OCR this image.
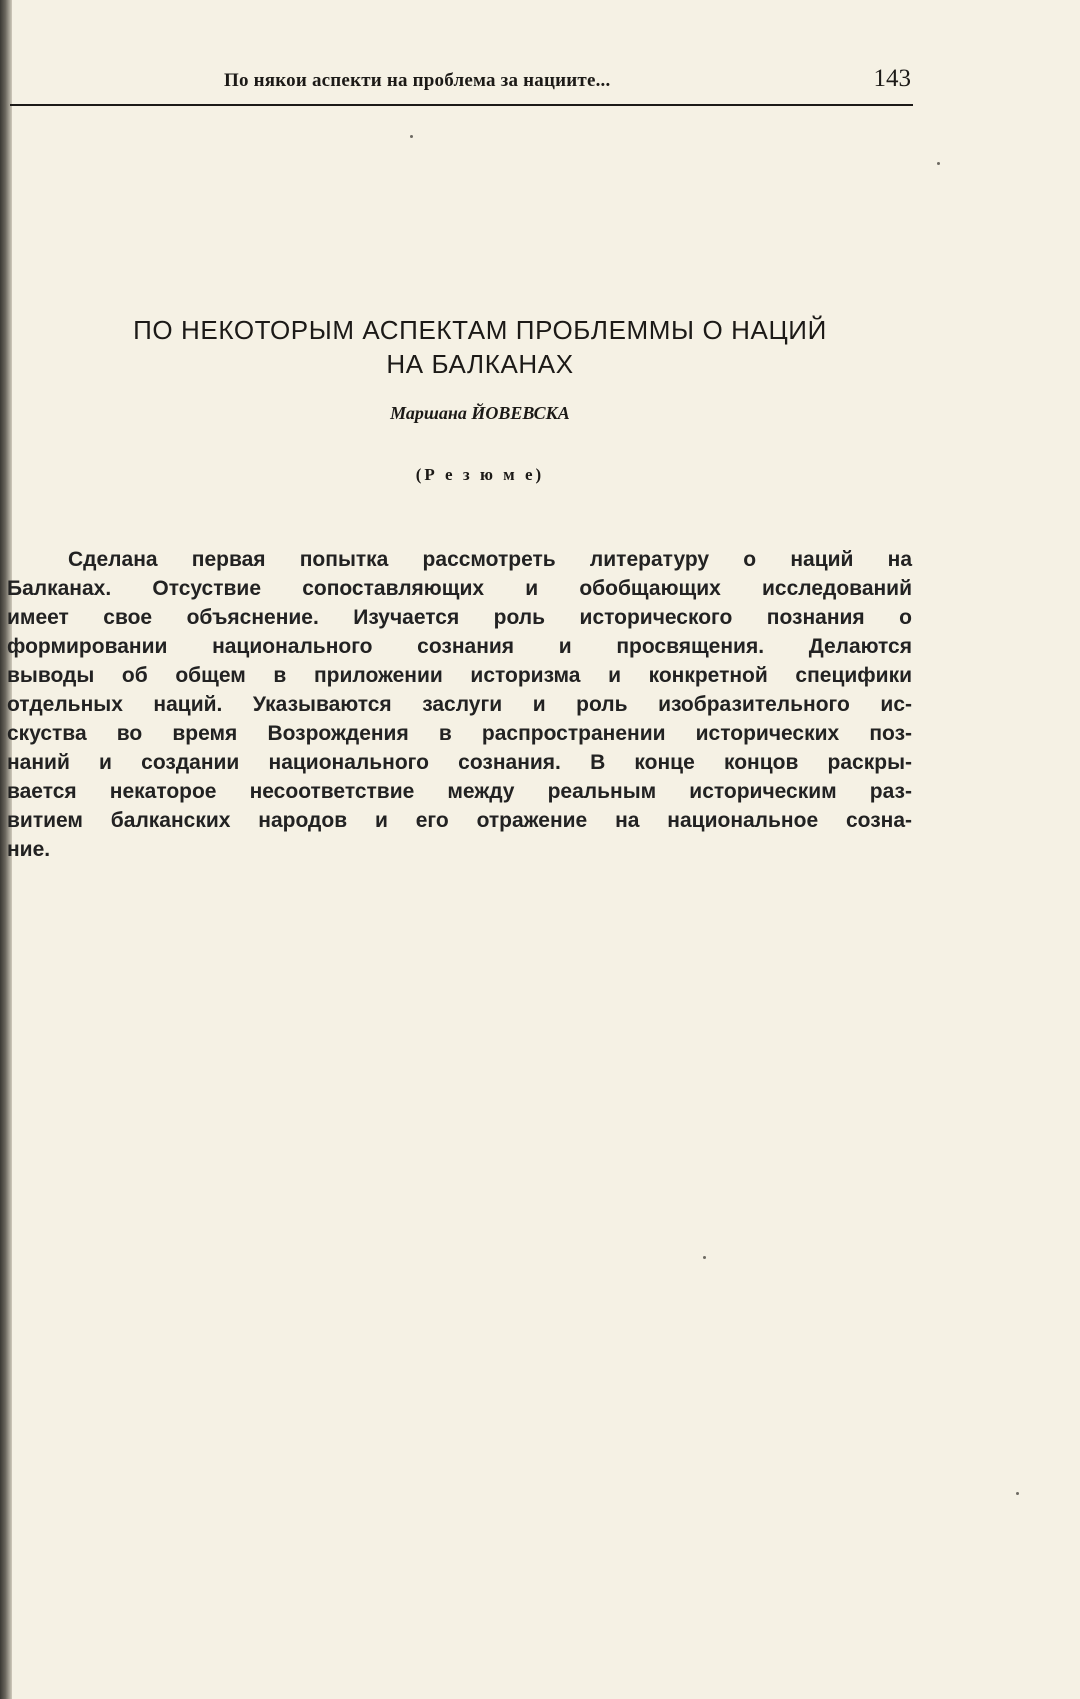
По някои аспекти на проблема за нациите...	143
ПО НЕКОТОРЫМ АСПЕКТАМ ПРОБЛЕММЫ О НАЦИЙ
НА БАЛКАНАХ
Маршана ЙОВЕВСКА
(Р е з ю м е)
Сделана первая попытка рассмотреть литературу о наций на
Балканах. Отсуствие сопоставляющих и обобщающих исследований
имеет свое объяснение. Изучается роль исторического познания о
формировании национального сознания и просвящения. Делаются
выводы об общем в приложении историзма и конкретной специфики
отдельных наций. Указываются заслуги и роль изобразительного ис-
скуства во время Возрождения в распространении исторических поз-
наний и создании национального сознания. В конце концов раскры-
вается некаторое несоответствие между реальным историческим раз-
витием балканских народов и его отражение на национальное созна-
ние.
